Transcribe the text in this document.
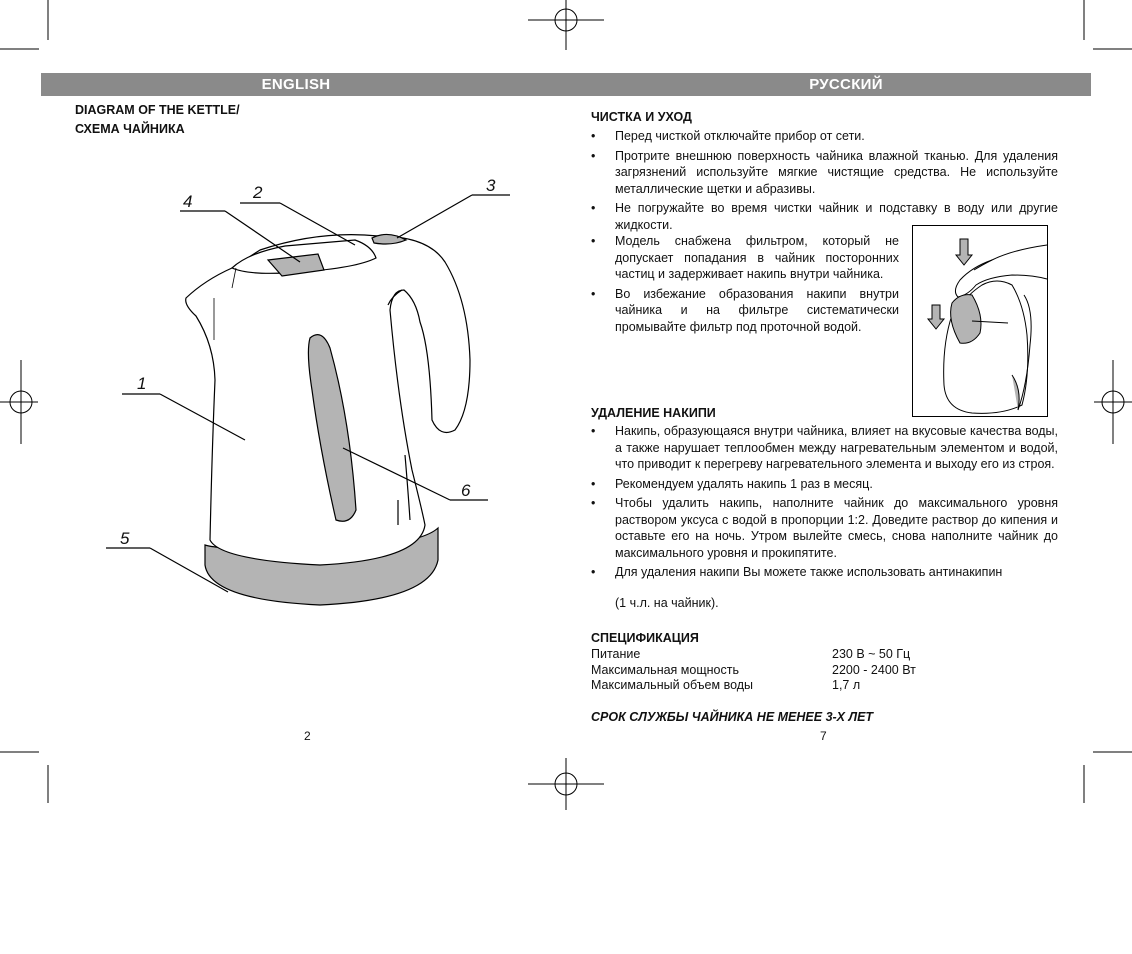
ENGLISH	РУССКИЙ
DIAGRAM OF THE KETTLE/
СХЕМА ЧАЙНИКА
4	2	3
1
6
5
2
ЧИСТКА И УХОД
• Перед чисткой отключайте прибор от сети.
• Протрите внешнюю поверхность чайника влажной тканью. Для удаления загрязнений используйте мягкие чистящие средства. Не используйте металлические щетки и абразивы.
• Не погружайте во время чистки чайник и подставку в воду или другие жидкости.
• Модель снабжена фильтром, который не допускает попадания в чайник посторонних частиц и задерживает накипь внутри чайника.
• Во избежание образования накипи внутри чайника и на фильтре систематически промывайте фильтр под проточной водой.
УДАЛЕНИЕ НАКИПИ
• Накипь, образующаяся внутри чайника, влияет на вкусовые качества воды, а также нарушает теплообмен между нагревательным элементом и водой, что приводит к перегреву нагревательного элемента и выходу его из строя.
• Рекомендуем удалять накипь 1 раз в месяц.
• Чтобы удалить накипь, наполните чайник до максимального уровня раствором уксуса с водой в пропорции 1:2. Доведите раствор до кипения и оставьте его на ночь. Утром вылейте смесь, снова наполните чайник до максимального уровня и прокипятите.
• Для удаления накипи Вы можете также использовать антинакипин
(1 ч.л. на чайник).
СПЕЦИФИКАЦИЯ
Питание	230 В ~ 50 Гц
Максимальная мощность	2200 - 2400 Вт
Максимальный объем воды	1,7 л
СРОК СЛУЖБЫ ЧАЙНИКА НЕ МЕНЕЕ 3-Х ЛЕТ
7
